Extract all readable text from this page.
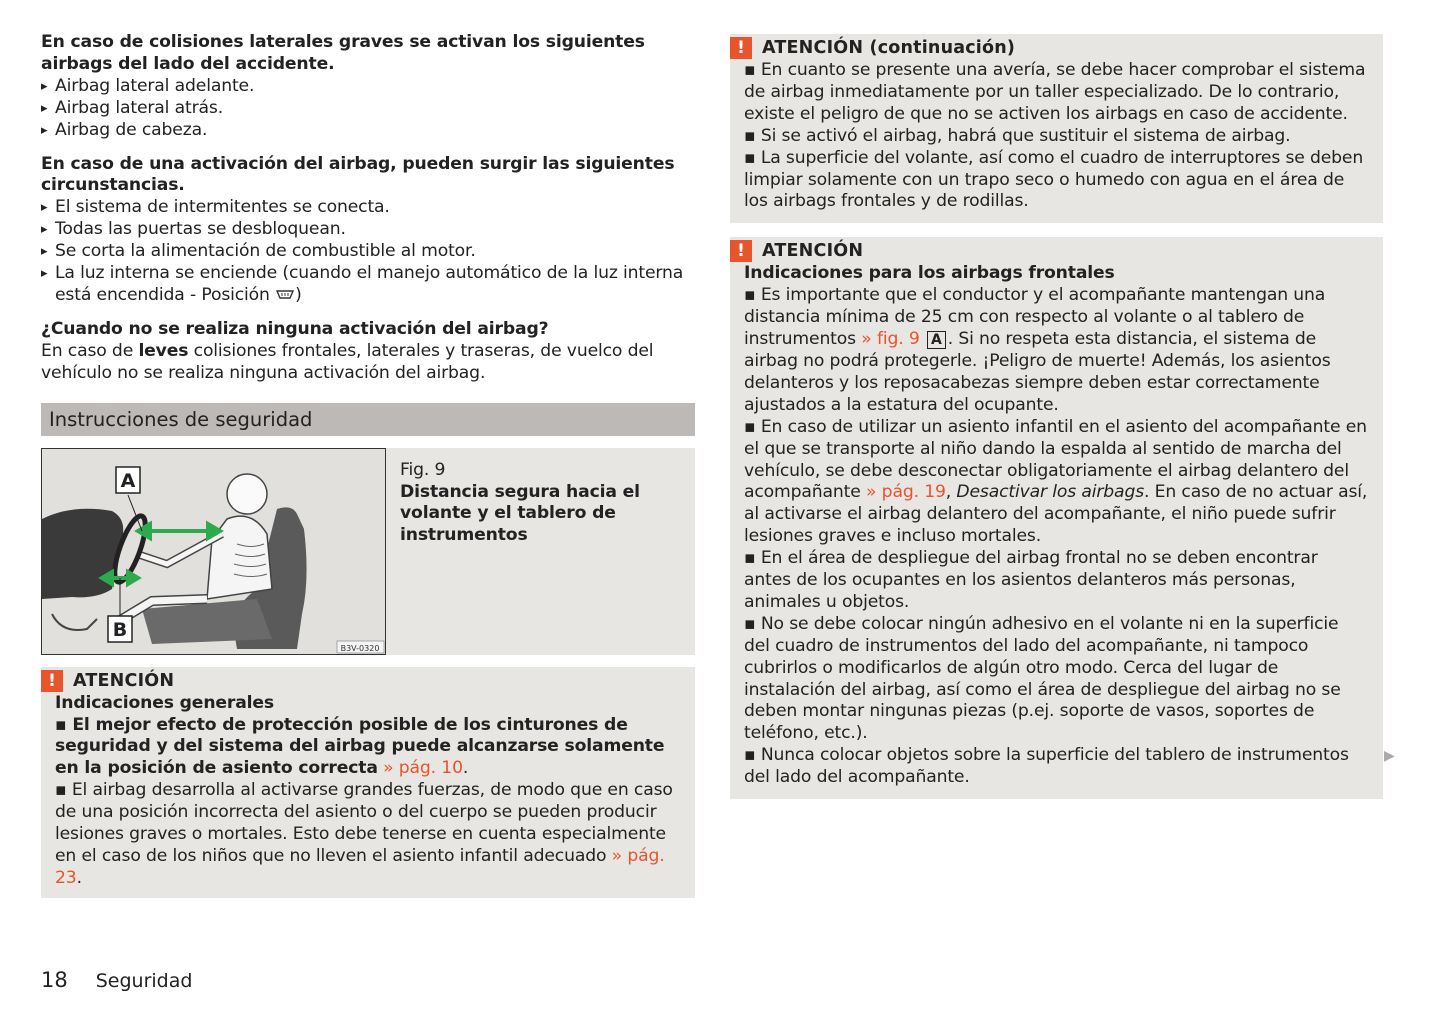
En caso de colisiones laterales graves se activan los siguientes airbags del lado del accidente.

▸ Airbag lateral adelante.

▸ Airbag lateral atrás.

▸ Airbag de cabeza.

En caso de una activación del airbag, pueden surgir las siguientes circunstancias.

▸ El sistema de intermitentes se conecta.

▸ Todas las puertas se desbloquean.

▸ Se corta la alimentación de combustible al motor.

▸ La luz interna se enciende (cuando el manejo automático de la luz interna está encendida - Posición )

¿Cuando no se realiza ninguna activación del airbag?

En caso de leves colisiones frontales, laterales y traseras, de vuelco del vehículo no se realiza ninguna activación del airbag.

Instrucciones de seguridad
A
B
B3V-0320

Fig. 9

Distancia segura hacia el volante y el tablero de instrumentos

! ATENCIÓN

Indicaciones generales

▪ El mejor efecto de protección posible de los cinturones de seguridad y del sistema del airbag puede alcanzarse solamente en la posición de asiento correcta » pág. 10.

▪ El airbag desarrolla al activarse grandes fuerzas, de modo que en caso de una posición incorrecta del asiento o del cuerpo se pueden producir lesiones graves o mortales. Esto debe tenerse en cuenta especialmente en el caso de los niños que no lleven el asiento infantil adecuado » pág. 23.

! ATENCIÓN (continuación)

▪ En cuanto se presente una avería, se debe hacer comprobar el sistema de airbag inmediatamente por un taller especializado. De lo contrario, existe el peligro de que no se activen los airbags en caso de accidente.

▪ Si se activó el airbag, habrá que sustituir el sistema de airbag.

▪ La superficie del volante, así como el cuadro de interruptores se deben limpiar solamente con un trapo seco o humedo con agua en el área de los airbags frontales y de rodillas.

! ATENCIÓN

Indicaciones para los airbags frontales

▪ Es importante que el conductor y el acompañante mantengan una distancia mínima de 25 cm con respecto al volante o al tablero de instrumentos » fig. 9 A . Si no respeta esta distancia, el sistema de airbag no podrá protegerle. ¡Peligro de muerte! Además, los asientos delanteros y los reposacabezas siempre deben estar correctamente ajustados a la estatura del ocupante.

▪ En caso de utilizar un asiento infantil en el asiento del acompañante en el que se transporte al niño dando la espalda al sentido de marcha del vehículo, se debe desconectar obligatoriamente el airbag delantero del acompañante » pág. 19, Desactivar los airbags. En caso de no actuar así, al activarse el airbag delantero del acompañante, el niño puede sufrir lesiones graves e incluso mortales.

▪ En el área de despliegue del airbag frontal no se deben encontrar antes de los ocupantes en los asientos delanteros más personas, animales u objetos.

▪ No se debe colocar ningún adhesivo en el volante ni en la superficie del cuadro de instrumentos del lado del acompañante, ni tampoco cubrirlos o modificarlos de algún otro modo. Cerca del lugar de instalación del airbag, así como el área de despliegue del airbag no se deben montar ningunas piezas (p.ej. soporte de vasos, soportes de teléfono, etc.).

▪ Nunca colocar objetos sobre la superficie del tablero de instrumentos del lado del acompañante.

▶
18 Seguridad
